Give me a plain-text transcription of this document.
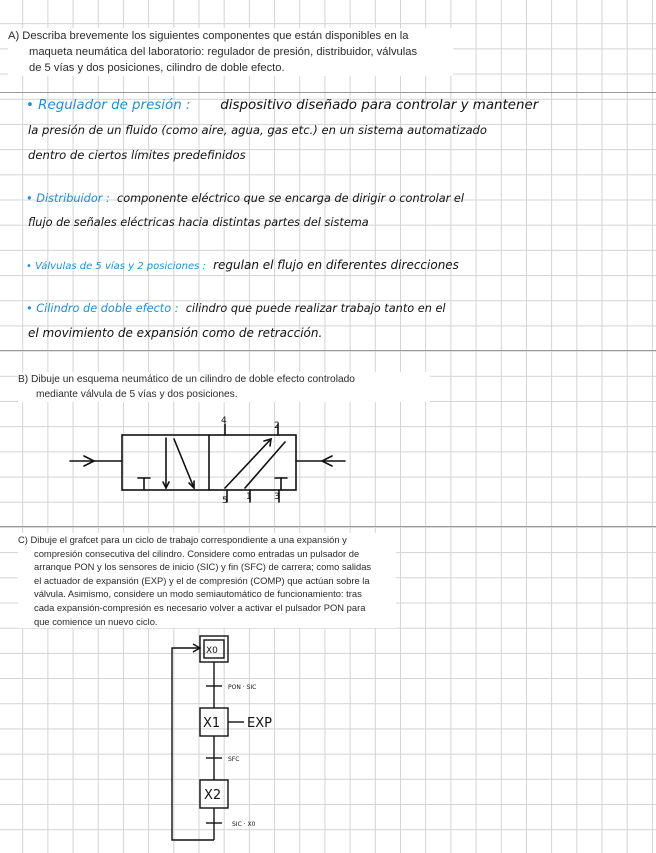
A) Describa brevemente los siguientes componentes que están disponibles en la
maqueta neumática del laboratorio: regulador de presión, distribuidor, válvulas
de 5 vías y dos posiciones, cilindro de doble efecto.
• Regulador de presión : dispositivo diseñado para controlar y mantener
la presión de un fluido (como aire, agua, gas etc.) en un sistema automatizado
dentro de ciertos límites predefinidos
• Distribuidor : componente eléctrico que se encarga de dirigir o controlar el
flujo de señales eléctricas hacia distintas partes del sistema
• Válvulas de 5 vías y 2 posiciones : regulan el flujo en diferentes direcciones
• Cilindro de doble efecto : cilindro que puede realizar trabajo tanto en el
el movimiento de expansión como de retracción.
B) Dibuje un esquema neumático de un cilindro de doble efecto controlado
mediante válvula de 5 vías y dos posiciones.
4	2
5 1 3
C) Dibuje el grafcet para un ciclo de trabajo correspondiente a una expansión y
compresión consecutiva del cilindro. Considere como entradas un pulsador de
arranque PON y los sensores de inicio (SIC) y fin (SFC) de carrera; como salidas
el actuador de expansión (EXP) y el de compresión (COMP) que actúan sobre la
válvula. Asimismo, considere un modo semiautomático de funcionamiento: tras
cada expansión-compresión es necesario volver a activar el pulsador PON para
que comience un nuevo ciclo.
X0
X1
X2
EXP
PON · SIC
SFC
SIC · X0
